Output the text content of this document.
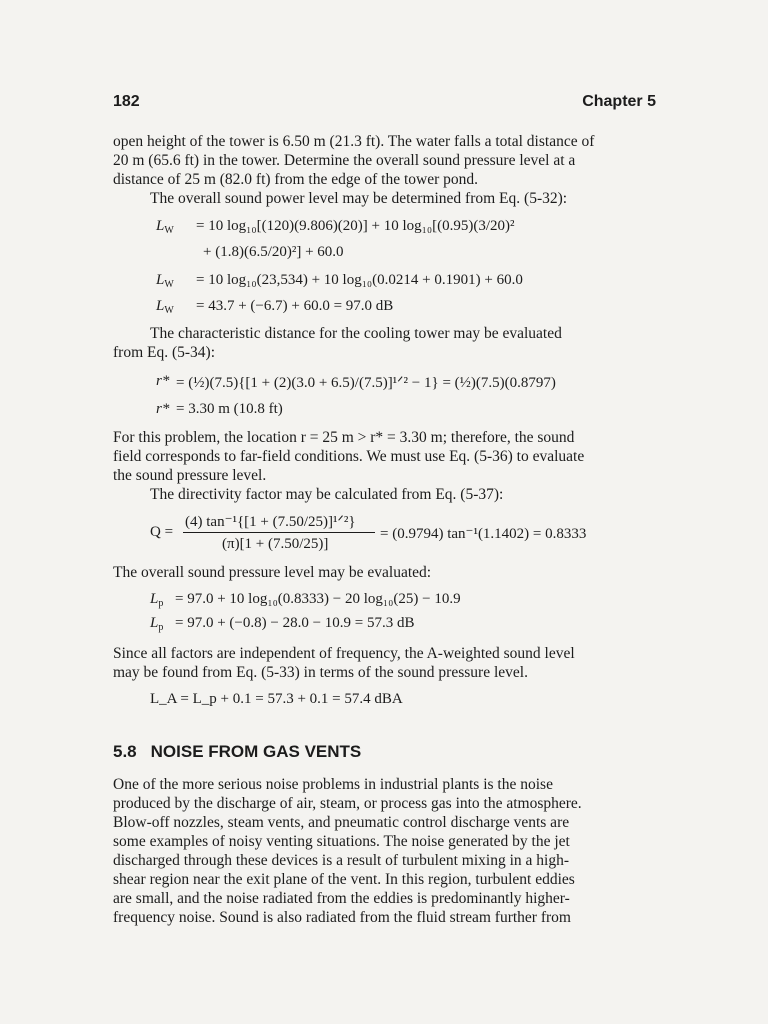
182	Chapter 5
open height of the tower is 6.50 m (21.3 ft). The water falls a total distance of
20 m (65.6 ft) in the tower. Determine the overall sound pressure level at a
distance of 25 m (82.0 ft) from the edge of the tower pond.
The overall sound power level may be determined from Eq. (5-32):
$L_W = 10$ log₁₀[(120)(9.806)(20)] + 10 log₁₀[(0.95)(3/20)²
+ (1.8)(6.5/20)²] + 60.0
$L_W = 10$ log₁₀(23,534) + 10 log₁₀(0.0214 + 0.1901) + 60.0
$L_W = 43.7 + (-6.7) + 60.0 = 97.0$ dB
The characteristic distance for the cooling tower may be evaluated
from Eq. (5-34):
r* = (½)(7.5){[1 + (2)(3.0 + 6.5)/(7.5)]¹ᐟ² − 1} = (½)(7.5)(0.8797)
r* = 3.30 m (10.8 ft)
For this problem, the location r = 25 m > r* = 3.30 m; therefore, the sound
field corresponds to far-field conditions. We must use Eq. (5-36) to evaluate
the sound pressure level.
The directivity factor may be calculated from Eq. (5-37):
Q =
(4) tan⁻¹{[1 + (7.50/25)]¹ᐟ²}
(π)[1 + (7.50/25)]
= (0.9794) tan⁻¹(1.1402) = 0.8333
The overall sound pressure level may be evaluated:
$L_p = 97.0 + 10$ log₁₀(0.8333) − 20 log₁₀(25) − 10.9
$L_p = 97.0 + (-0.8) - 28.0 - 10.9 = 57.3$ dB
Since all factors are independent of frequency, the A-weighted sound level
may be found from Eq. (5-33) in terms of the sound pressure level.
L_A = L_p + 0.1 = 57.3 + 0.1 = 57.4 dBA
5.8 NOISE FROM GAS VENTS
One of the more serious noise problems in industrial plants is the noise
produced by the discharge of air, steam, or process gas into the atmosphere.
Blow-off nozzles, steam vents, and pneumatic control discharge vents are
some examples of noisy venting situations. The noise generated by the jet
discharged through these devices is a result of turbulent mixing in a high-
shear region near the exit plane of the vent. In this region, turbulent eddies
are small, and the noise radiated from the eddies is predominantly higher-
frequency noise. Sound is also radiated from the fluid stream further from
